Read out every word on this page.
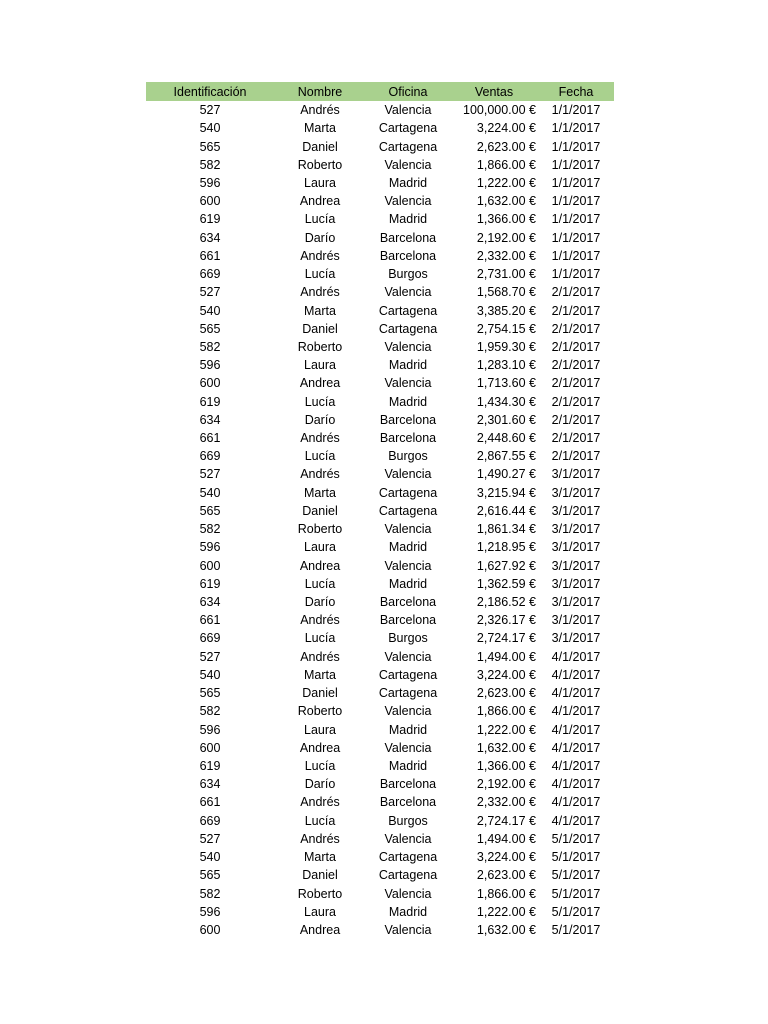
Identificación	Nombre	Oficina	Ventas	Fecha
527	Andrés	Valencia	100,000.00 €	1/1/2017
540	Marta	Cartagena	3,224.00 €	1/1/2017
565	Daniel	Cartagena	2,623.00 €	1/1/2017
582	Roberto	Valencia	1,866.00 €	1/1/2017
596	Laura	Madrid	1,222.00 €	1/1/2017
600	Andrea	Valencia	1,632.00 €	1/1/2017
619	Lucía	Madrid	1,366.00 €	1/1/2017
634	Darío	Barcelona	2,192.00 €	1/1/2017
661	Andrés	Barcelona	2,332.00 €	1/1/2017
669	Lucía	Burgos	2,731.00 €	1/1/2017
527	Andrés	Valencia	1,568.70 €	2/1/2017
540	Marta	Cartagena	3,385.20 €	2/1/2017
565	Daniel	Cartagena	2,754.15 €	2/1/2017
582	Roberto	Valencia	1,959.30 €	2/1/2017
596	Laura	Madrid	1,283.10 €	2/1/2017
600	Andrea	Valencia	1,713.60 €	2/1/2017
619	Lucía	Madrid	1,434.30 €	2/1/2017
634	Darío	Barcelona	2,301.60 €	2/1/2017
661	Andrés	Barcelona	2,448.60 €	2/1/2017
669	Lucía	Burgos	2,867.55 €	2/1/2017
527	Andrés	Valencia	1,490.27 €	3/1/2017
540	Marta	Cartagena	3,215.94 €	3/1/2017
565	Daniel	Cartagena	2,616.44 €	3/1/2017
582	Roberto	Valencia	1,861.34 €	3/1/2017
596	Laura	Madrid	1,218.95 €	3/1/2017
600	Andrea	Valencia	1,627.92 €	3/1/2017
619	Lucía	Madrid	1,362.59 €	3/1/2017
634	Darío	Barcelona	2,186.52 €	3/1/2017
661	Andrés	Barcelona	2,326.17 €	3/1/2017
669	Lucía	Burgos	2,724.17 €	3/1/2017
527	Andrés	Valencia	1,494.00 €	4/1/2017
540	Marta	Cartagena	3,224.00 €	4/1/2017
565	Daniel	Cartagena	2,623.00 €	4/1/2017
582	Roberto	Valencia	1,866.00 €	4/1/2017
596	Laura	Madrid	1,222.00 €	4/1/2017
600	Andrea	Valencia	1,632.00 €	4/1/2017
619	Lucía	Madrid	1,366.00 €	4/1/2017
634	Darío	Barcelona	2,192.00 €	4/1/2017
661	Andrés	Barcelona	2,332.00 €	4/1/2017
669	Lucía	Burgos	2,724.17 €	4/1/2017
527	Andrés	Valencia	1,494.00 €	5/1/2017
540	Marta	Cartagena	3,224.00 €	5/1/2017
565	Daniel	Cartagena	2,623.00 €	5/1/2017
582	Roberto	Valencia	1,866.00 €	5/1/2017
596	Laura	Madrid	1,222.00 €	5/1/2017
600	Andrea	Valencia	1,632.00 €	5/1/2017
